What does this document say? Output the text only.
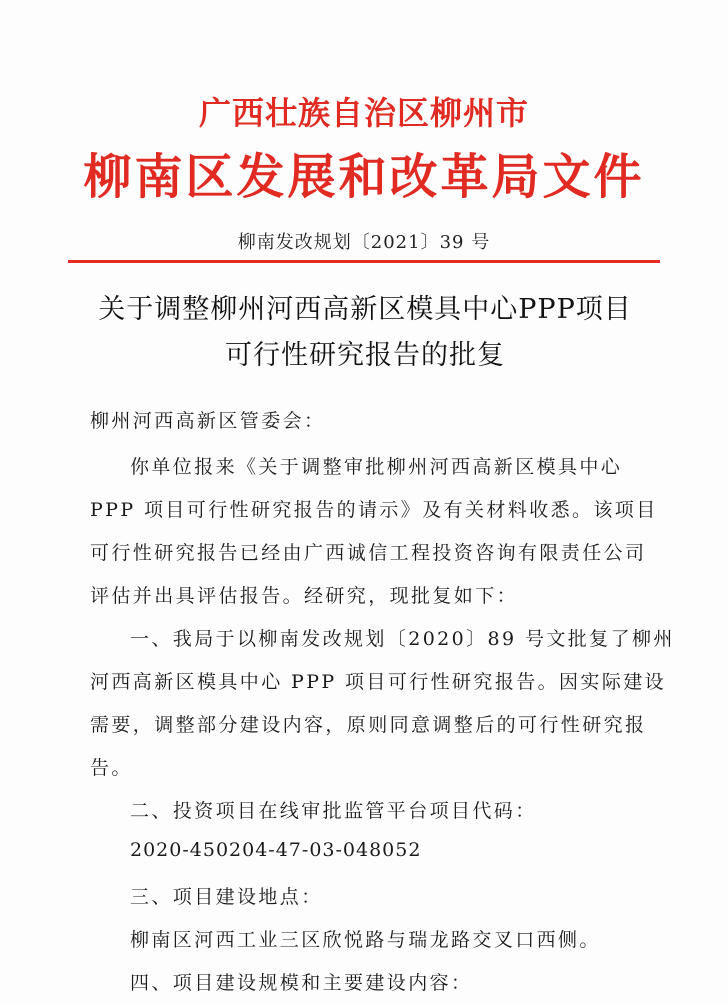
广西壮族自治区柳州市
柳南区发展和改革局文件
柳南发改规划〔2021〕39 号
关于调整柳州河西高新区模具中心PPP项目
可行性研究报告的批复
柳州河西高新区管委会：
你单位报来《关于调整审批柳州河西高新区模具中心
PPP 项目可行性研究报告的请示》及有关材料收悉。该项目
可行性研究报告已经由广西诚信工程投资咨询有限责任公司
评估并出具评估报告。经研究，现批复如下：
一、我局于以柳南发改规划〔2020〕89 号文批复了柳州
河西高新区模具中心 PPP 项目可行性研究报告。因实际建设
需要，调整部分建设内容，原则同意调整后的可行性研究报
告。
二、投资项目在线审批监管平台项目代码：
2020-450204-47-03-048052
三、项目建设地点：
柳南区河西工业三区欣悦路与瑞龙路交叉口西侧。
四、项目建设规模和主要建设内容：
